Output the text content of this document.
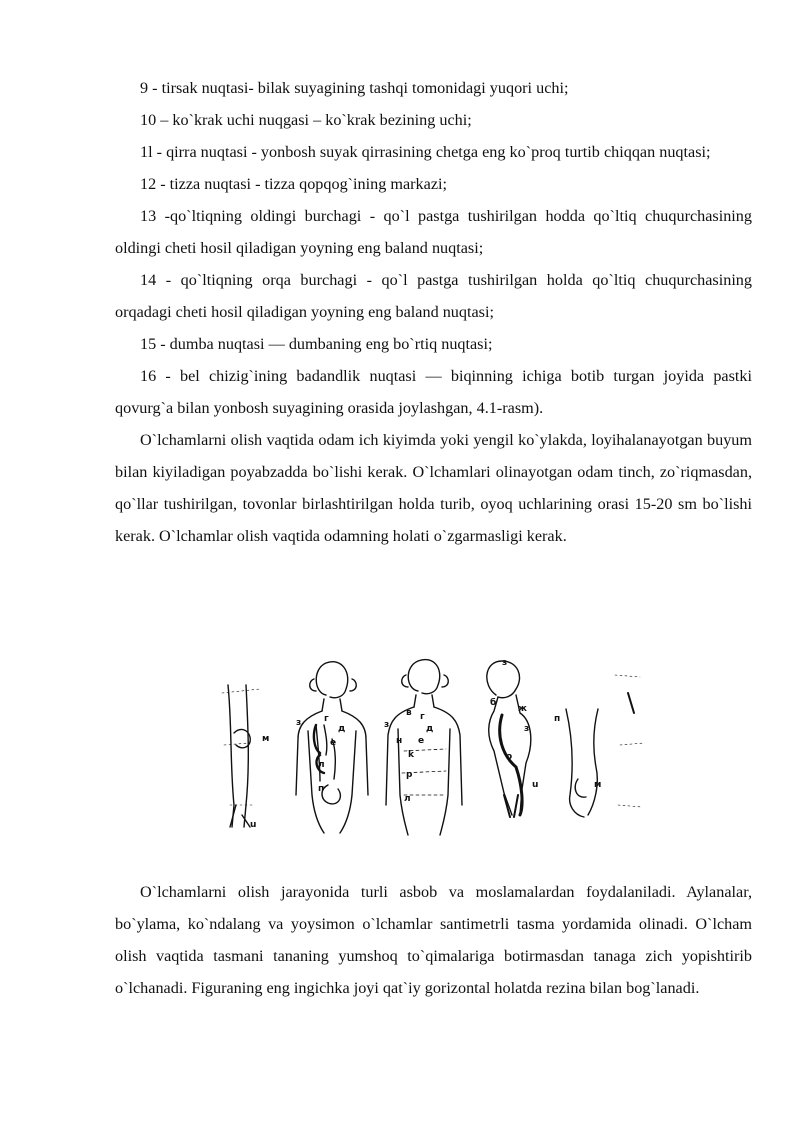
9 - tirsak nuqtasi- bilak suyagining tashqi tomonidagi yuqori uchi;

10 – ko`krak uchi nuqgasi – ko`krak bezining uchi;

1l - qirra nuqtasi - yonbosh suyak qirrasining chetga eng ko`proq turtib chiqqan nuqtasi;

12 - tizza nuqtasi - tizza qopqog`ining markazi;

13 -qo`ltiqning oldingi burchagi - qo`l pastga tushirilgan hodda qo`ltiq chuqurchasining oldingi cheti hosil qiladigan yoyning eng baland nuqtasi;

14 - qo`ltiqning orqa burchagi - qo`l pastga tushirilgan holda qo`ltiq chuqurchasining orqadagi cheti hosil qiladigan yoyning eng baland nuqtasi;

15 - dumba nuqtasi — dumbaning eng bo`rtiq nuqtasi;

16 - bel chizig`ining badandlik nuqtasi — biqinning ichiga botib turgan joyida pastki qovurg`a bilan yonbosh suyagining orasida joylashgan, 4.1-rasm).

O`lchamlarni olish vaqtida odam ich kiyimda yoki yengil ko`ylakda, loyihalanayotgan buyum bilan kiyiladigan poyabzadda bo`lishi kerak. O`lchamlari olinayotgan odam tinch, zo`riqmasdan, qo`llar tushirilgan, tovonlar birlashtirilgan holda turib, oyoq uchlarining orasi 15-20 sm bo`lishi kerak. O`lchamlar olish vaqtida odamning holati o`zgarmasligi kerak.

м
u
з	г
д
е
л
п
з
г
в
д
н е
k
р
л
з
б
ж
з
о
u
п
м

O`lchamlarni olish jarayonida turli asbob va moslamalardan foydalaniladi. Aylanalar, bo`ylama, ko`ndalang va yoysimon o`lchamlar santimetrli tasma yordamida olinadi. O`lcham olish vaqtida tasmani tananing yumshoq to`qimalariga botirmasdan tanaga zich yopishtirib o`lchanadi. Figuraning eng ingichka joyi qat`iy gorizontal holatda rezina bilan bog`lanadi.
